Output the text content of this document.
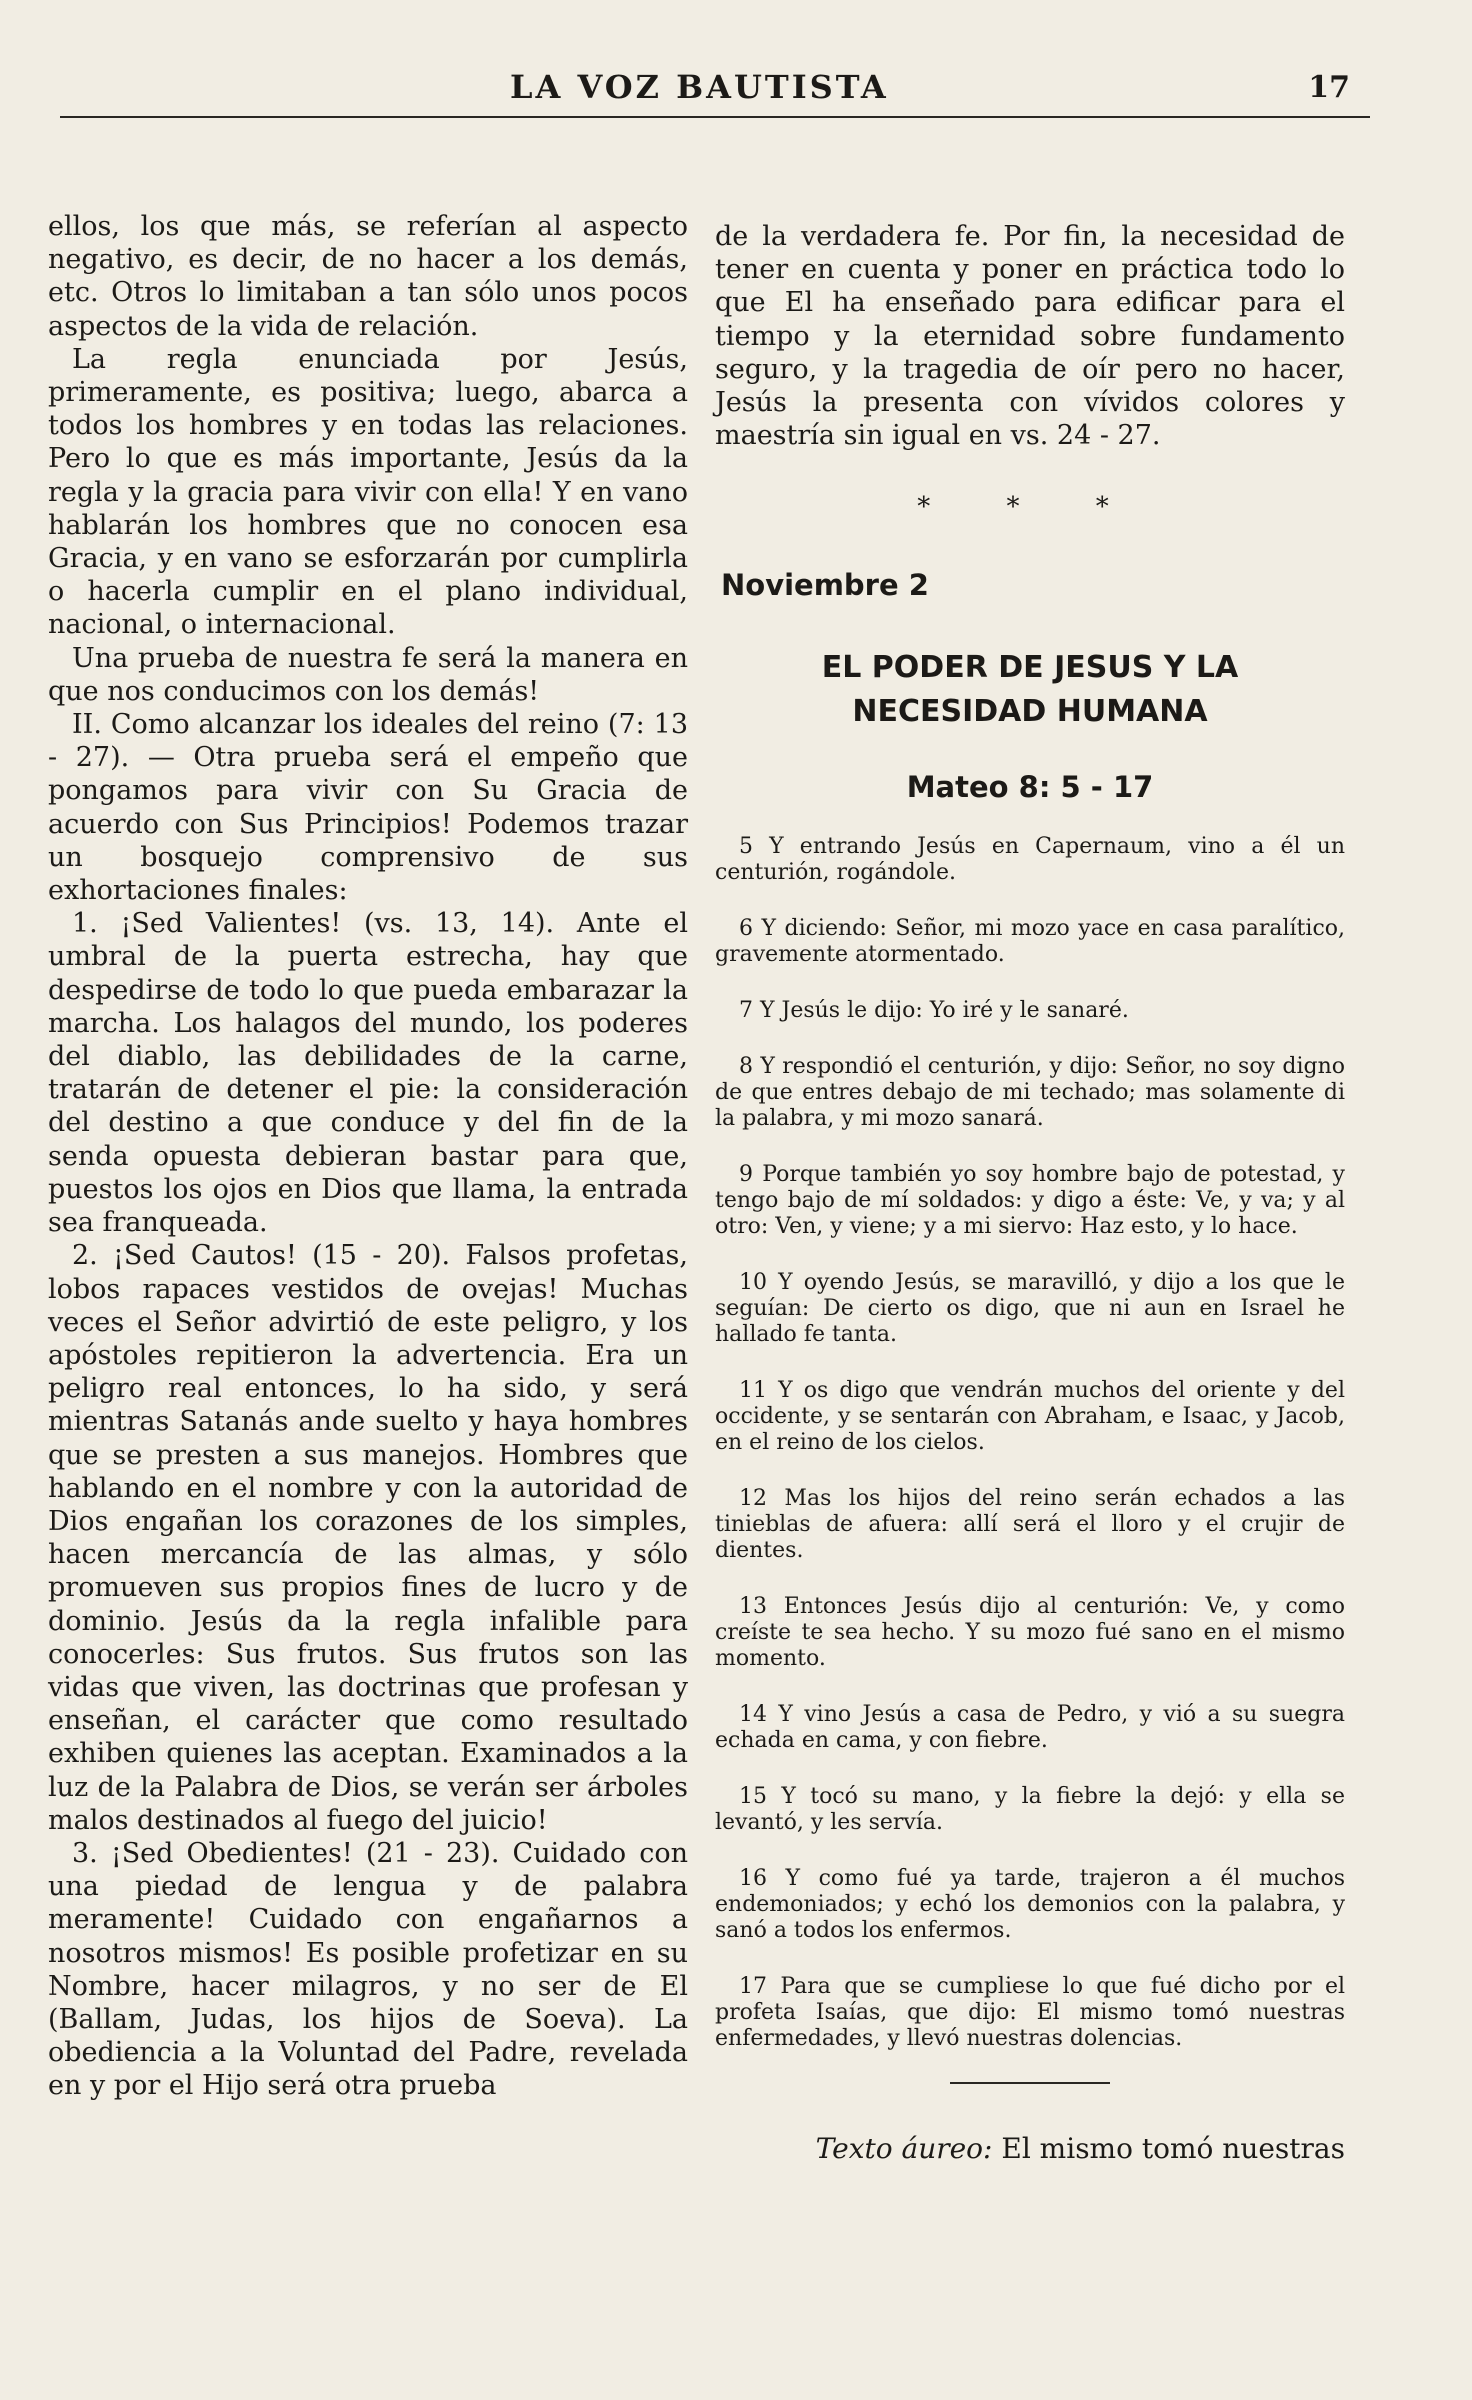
LA VOZ BAUTISTA	17

ellos, los que más, se referían al aspecto negativo, es decir, de no hacer a los demás, etc. Otros lo limitaban a tan sólo unos pocos aspectos de la vida de relación.

La regla enunciada por Jesús, primeramente, es positiva; luego, abarca a todos los hombres y en todas las relaciones. Pero lo que es más importante, Jesús da la regla y la gracia para vivir con ella! Y en vano hablarán los hombres que no conocen esa Gracia, y en vano se esforzarán por cumplirla o hacerla cumplir en el plano individual, nacional, o internacional.

Una prueba de nuestra fe será la manera en que nos conducimos con los demás!

II. Como alcanzar los ideales del reino (7: 13 - 27). — Otra prueba será el empeño que pongamos para vivir con Su Gracia de acuerdo con Sus Principios! Podemos trazar un bosquejo comprensivo de sus exhortaciones finales:

1. ¡Sed Valientes! (vs. 13, 14). Ante el umbral de la puerta estrecha, hay que despedirse de todo lo que pueda embarazar la marcha. Los halagos del mundo, los poderes del diablo, las debilidades de la carne, tratarán de detener el pie: la consideración del destino a que conduce y del fin de la senda opuesta debieran bastar para que, puestos los ojos en Dios que llama, la entrada sea franqueada.

2. ¡Sed Cautos! (15 - 20). Falsos profetas, lobos rapaces vestidos de ovejas! Muchas veces el Señor advirtió de este peligro, y los apóstoles repitieron la advertencia. Era un peligro real entonces, lo ha sido, y será mientras Satanás ande suelto y haya hombres que se presten a sus manejos. Hombres que hablando en el nombre y con la autoridad de Dios engañan los corazones de los simples, hacen mercancía de las almas, y sólo promueven sus propios fines de lucro y de dominio. Jesús da la regla infalible para conocerles: Sus frutos. Sus frutos son las vidas que viven, las doctrinas que profesan y enseñan, el carácter que como resultado exhiben quienes las aceptan. Examinados a la luz de la Palabra de Dios, se verán ser árboles malos destinados al fuego del juicio!

3. ¡Sed Obedientes! (21 - 23). Cuidado con una piedad de lengua y de palabra meramente! Cuidado con engañarnos a nosotros mismos! Es posible profetizar en su Nombre, hacer milagros, y no ser de El (Ballam, Judas, los hijos de Soeva). La obediencia a la Voluntad del Padre, revelada en y por el Hijo será otra prueba

de la verdadera fe. Por fin, la necesidad de tener en cuenta y poner en práctica todo lo que El ha enseñado para edificar para el tiempo y la eternidad sobre fundamento seguro, y la tragedia de oír pero no hacer, Jesús la presenta con vívidos colores y maestría sin igual en vs. 24 - 27.

* * *
Noviembre 2
EL PODER DE JESUS Y LA
NECESIDAD HUMANA
Mateo 8: 5 - 17

5 Y entrando Jesús en Capernaum, vino a él un centurión, rogándole.

6 Y diciendo: Señor, mi mozo yace en casa paralítico, gravemente atormentado.

7 Y Jesús le dijo: Yo iré y le sanaré.

8 Y respondió el centurión, y dijo: Señor, no soy digno de que entres debajo de mi techado; mas solamente di la palabra, y mi mozo sanará.

9 Porque también yo soy hombre bajo de potestad, y tengo bajo de mí soldados: y digo a éste: Ve, y va; y al otro: Ven, y viene; y a mi siervo: Haz esto, y lo hace.

10 Y oyendo Jesús, se maravilló, y dijo a los que le seguían: De cierto os digo, que ni aun en Israel he hallado fe tanta.

11 Y os digo que vendrán muchos del oriente y del occidente, y se sentarán con Abraham, e Isaac, y Jacob, en el reino de los cielos.

12 Mas los hijos del reino serán echados a las tinieblas de afuera: allí será el lloro y el crujir de dientes.

13 Entonces Jesús dijo al centurión: Ve, y como creíste te sea hecho. Y su mozo fué sano en el mismo momento.

14 Y vino Jesús a casa de Pedro, y vió a su suegra echada en cama, y con fiebre.

15 Y tocó su mano, y la fiebre la dejó: y ella se levantó, y les servía.

16 Y como fué ya tarde, trajeron a él muchos endemoniados; y echó los demonios con la palabra, y sanó a todos los enfermos.

17 Para que se cumpliese lo que fué dicho por el profeta Isaías, que dijo: El mismo tomó nuestras enfermedades, y llevó nuestras dolencias.

Texto áureo: El mismo tomó nuestras
